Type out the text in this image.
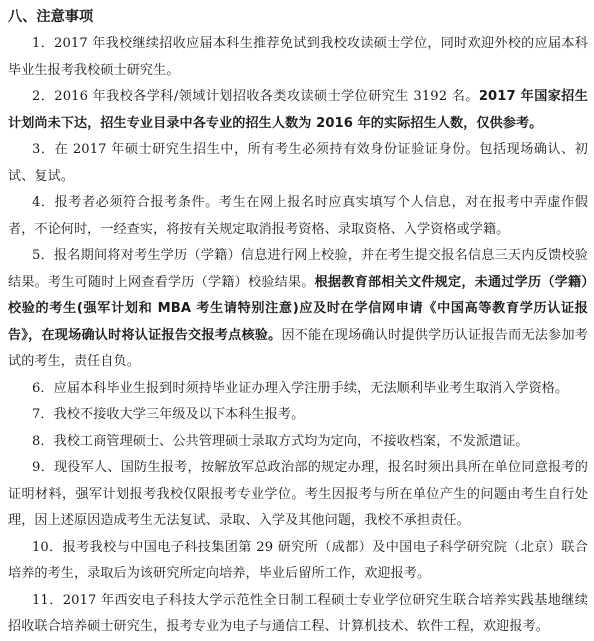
八、注意事项

1．2017 年我校继续招收应届本科生推荐免试到我校攻读硕士学位，同时欢迎外校的应届本科毕业生报考我校硕士研究生。

2．2016 年我校各学科/领域计划招收各类攻读硕士学位研究生 3192 名。2017 年国家招生计划尚未下达，招生专业目录中各专业的招生人数为 2016 年的实际招生人数，仅供参考。

3．在 2017 年硕士研究生招生中，所有考生必须持有效身份证验证身份。包括现场确认、初试、复试。

4．报考者必须符合报考条件。考生在网上报名时应真实填写个人信息，对在报考中弄虚作假者，不论何时，一经查实，将按有关规定取消报考资格、录取资格、入学资格或学籍。

5．报名期间将对考生学历（学籍）信息进行网上校验，并在考生提交报名信息三天内反馈校验结果。考生可随时上网查看学历（学籍）校验结果。根据教育部相关文件规定，未通过学历（学籍）校验的考生(强军计划和 MBA 考生请特别注意)应及时在学信网申请《中国高等教育学历认证报告》，在现场确认时将认证报告交报考点核验。因不能在现场确认时提供学历认证报告而无法参加考试的考生，责任自负。

6．应届本科毕业生报到时须持毕业证办理入学注册手续，无法顺利毕业考生取消入学资格。

7．我校不接收大学三年级及以下本科生报考。

8．我校工商管理硕士、公共管理硕士录取方式均为定向，不接收档案，不发派遣证。

9．现役军人、国防生报考，按解放军总政治部的规定办理，报名时须出具所在单位同意报考的证明材料，强军计划报考我校仅限报考专业学位。考生因报考与所在单位产生的问题由考生自行处理，因上述原因造成考生无法复试、录取、入学及其他问题，我校不承担责任。

10．报考我校与中国电子科技集团第 29 研究所（成都）及中国电子科学研究院（北京）联合培养的考生，录取后为该研究所定向培养，毕业后留所工作，欢迎报考。

11．2017 年西安电子科技大学示范性全日制工程硕士专业学位研究生联合培养实践基地继续招收联合培养硕士研究生，报考专业为电子与通信工程、计算机技术、软件工程，欢迎报考。
